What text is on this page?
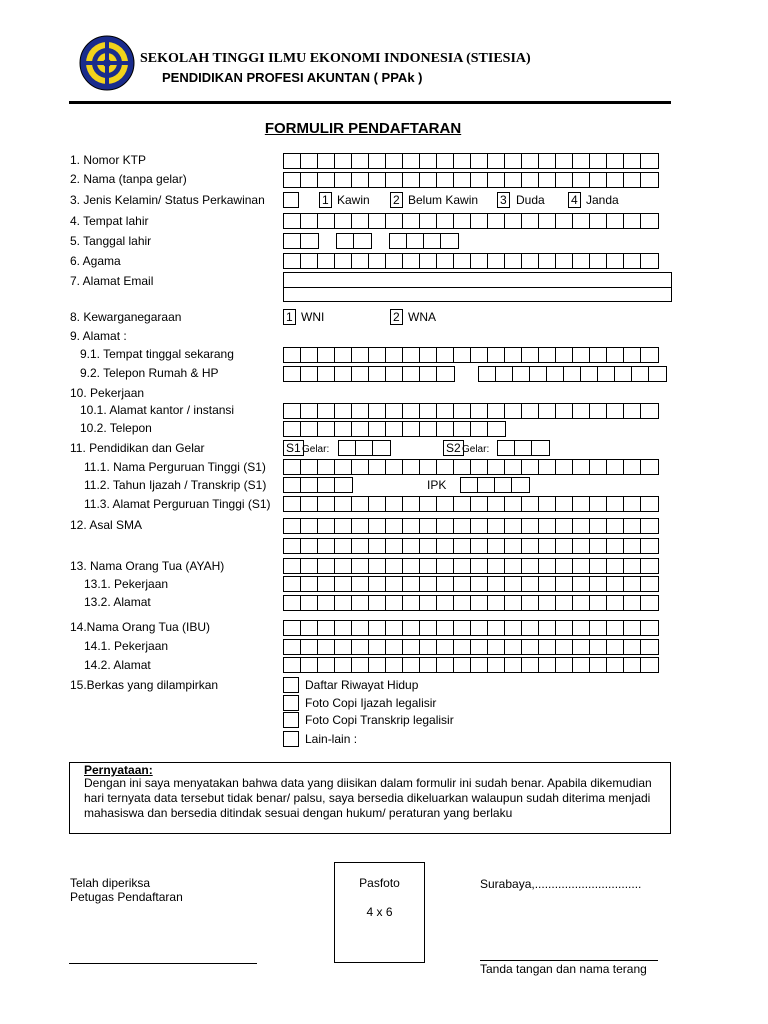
SEKOLAH TINGGI ILMU EKONOMI INDONESIA (STIESIA)
PENDIDIKAN PROFESI AKUNTAN ( PPAk )
FORMULIR PENDAFTARAN
1. Nomor KTP
2. Nama (tanpa gelar)
3. Jenis Kelamin/ Status Perkawinan
4. Tempat lahir
5. Tanggal lahir
6. Agama
7. Alamat Email
8. Kewarganegaraan
9. Alamat :
9.1. Tempat tinggal sekarang
9.2. Telepon Rumah & HP
10. Pekerjaan
10.1. Alamat kantor / instansi
10.2. Telepon
11. Pendidikan dan Gelar
11.1. Nama Perguruan Tinggi (S1)
11.2. Tahun Ijazah / Transkrip (S1)
11.3. Alamat Perguruan Tinggi (S1)
12. Asal SMA
13. Nama Orang Tua (AYAH)
13.1. Pekerjaan
13.2. Alamat
14.Nama Orang Tua (IBU)
14.1. Pekerjaan
14.2. Alamat
15.Berkas yang dilampirkan
1 Kawin 2 Belum Kawin 3 Duda 4 Janda
1 WNI	2 WNA
S1 Gelar:	S2 Gelar:
IPK
Daftar Riwayat Hidup
Foto Copi Ijazah legalisir
Foto Copi Transkrip legalisir
Lain-lain :
Pernyataan:
Dengan ini saya menyatakan bahwa data yang diisikan dalam formulir ini sudah benar. Apabila dikemudian
hari ternyata data tersebut tidak benar/ palsu, saya bersedia dikeluarkan walaupun sudah diterima menjadi
mahasiswa dan bersedia ditindak sesuai dengan hukum/ peraturan yang berlaku
Telah diperiksa
Petugas Pendaftaran
Pasfoto
4 x 6
Surabaya,................................
Tanda tangan dan nama terang
